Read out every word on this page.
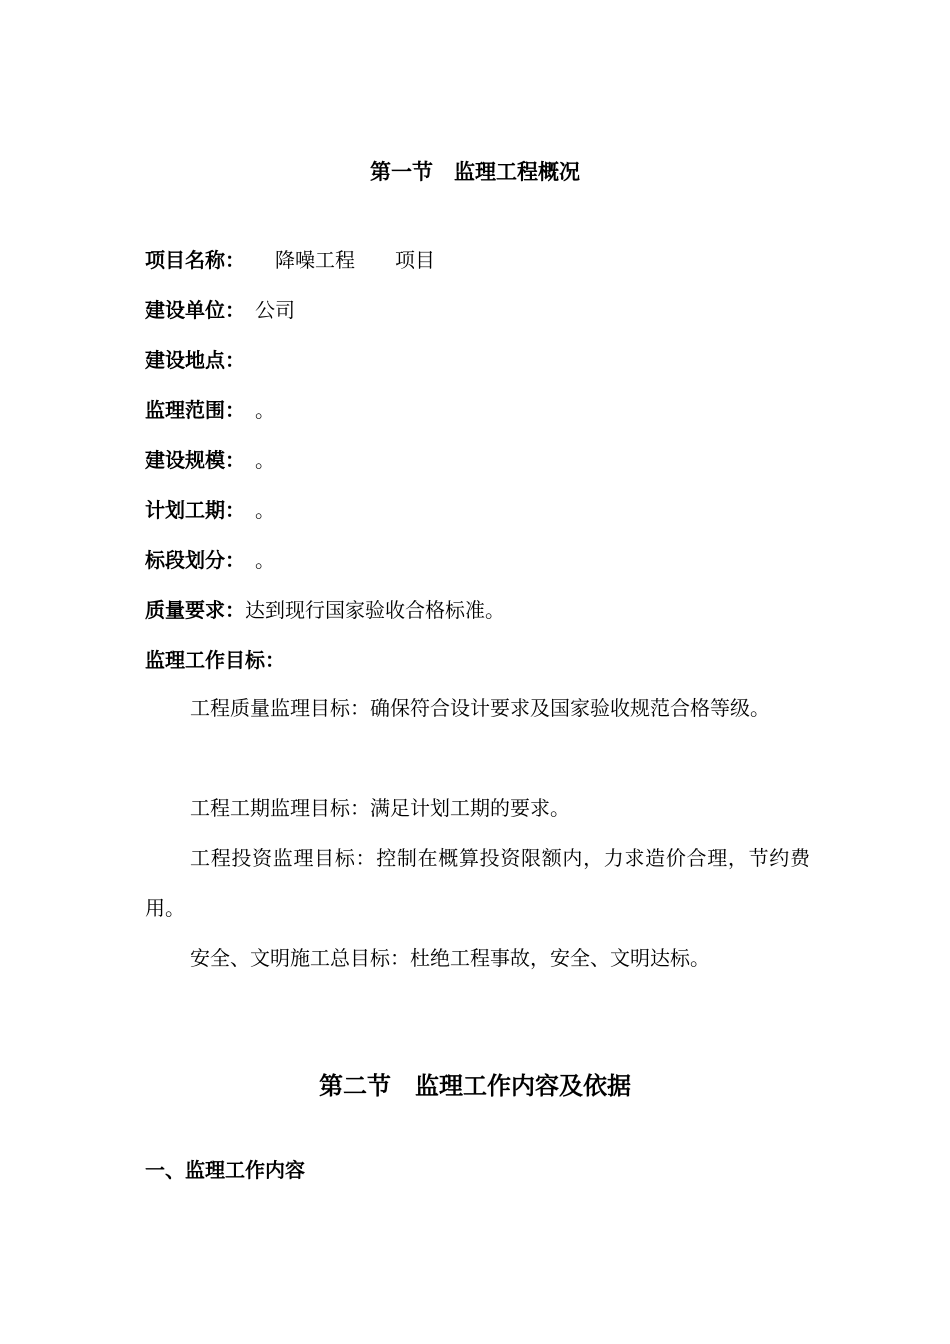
第一节　监理工程概况
项目名称：　　降噪工程　　项目
建设单位：　公司
建设地点：
监理范围：　。
建设规模：　。
计划工期：　。
标段划分：　。
质量要求：达到现行国家验收合格标准。
监理工作目标：
工程质量监理目标：确保符合设计要求及国家验收规范合格等级。
工程工期监理目标：满足计划工期的要求。
工程投资监理目标：控制在概算投资限额内，力求造价合理，节约费用。
安全、文明施工总目标：杜绝工程事故，安全、文明达标。
第二节　监理工作内容及依据
一、监理工作内容
